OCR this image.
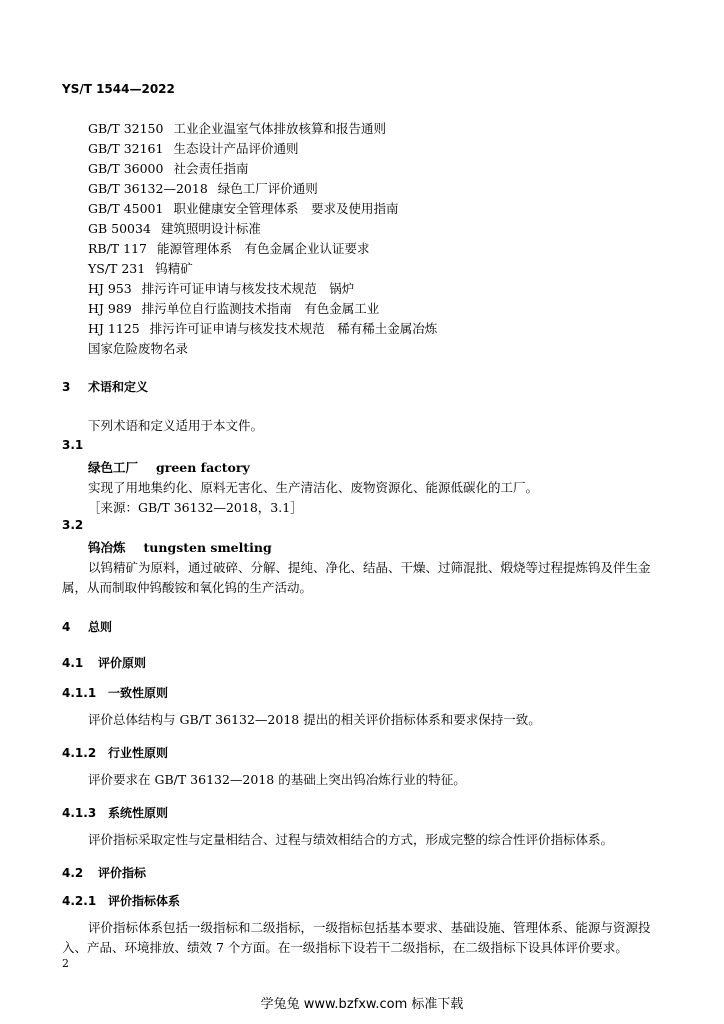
YS/T 1544—2022
GB/T 32150 工业企业温室气体排放核算和报告通则
GB/T 32161 生态设计产品评价通则
GB/T 36000 社会责任指南
GB/T 36132—2018 绿色工厂评价通则
GB/T 45001 职业健康安全管理体系　要求及使用指南
GB 50034 建筑照明设计标准
RB/T 117 能源管理体系　有色金属企业认证要求
YS/T 231 钨精矿
HJ 953 排污许可证申请与核发技术规范　锅炉
HJ 989 排污单位自行监测技术指南　有色金属工业
HJ 1125 排污许可证申请与核发技术规范　稀有稀土金属冶炼
国家危险废物名录
3 术语和定义
下列术语和定义适用于本文件。
3.1
绿色工厂 green factory
实现了用地集约化、原料无害化、生产清洁化、废物资源化、能源低碳化的工厂。
［来源：GB/T 36132—2018，3.1］
3.2
钨冶炼 tungsten smelting
以钨精矿为原料，通过破碎、分解、提纯、净化、结晶、干燥、过筛混批、煅烧等过程提炼钨及伴生金属，从而制取仲钨酸铵和氧化钨的生产活动。
4 总则
4.1 评价原则
4.1.1 一致性原则
评价总体结构与 GB/T 36132—2018 提出的相关评价指标体系和要求保持一致。
4.1.2 行业性原则
评价要求在 GB/T 36132—2018 的基础上突出钨冶炼行业的特征。
4.1.3 系统性原则
评价指标采取定性与定量相结合、过程与绩效相结合的方式，形成完整的综合性评价指标体系。
4.2 评价指标
4.2.1 评价指标体系
评价指标体系包括一级指标和二级指标，一级指标包括基本要求、基础设施、管理体系、能源与资源投入、产品、环境排放、绩效 7 个方面。在一级指标下设若干二级指标，在二级指标下设具体评价要求。
2
学兔兔 www.bzfxw.com 标准下载
